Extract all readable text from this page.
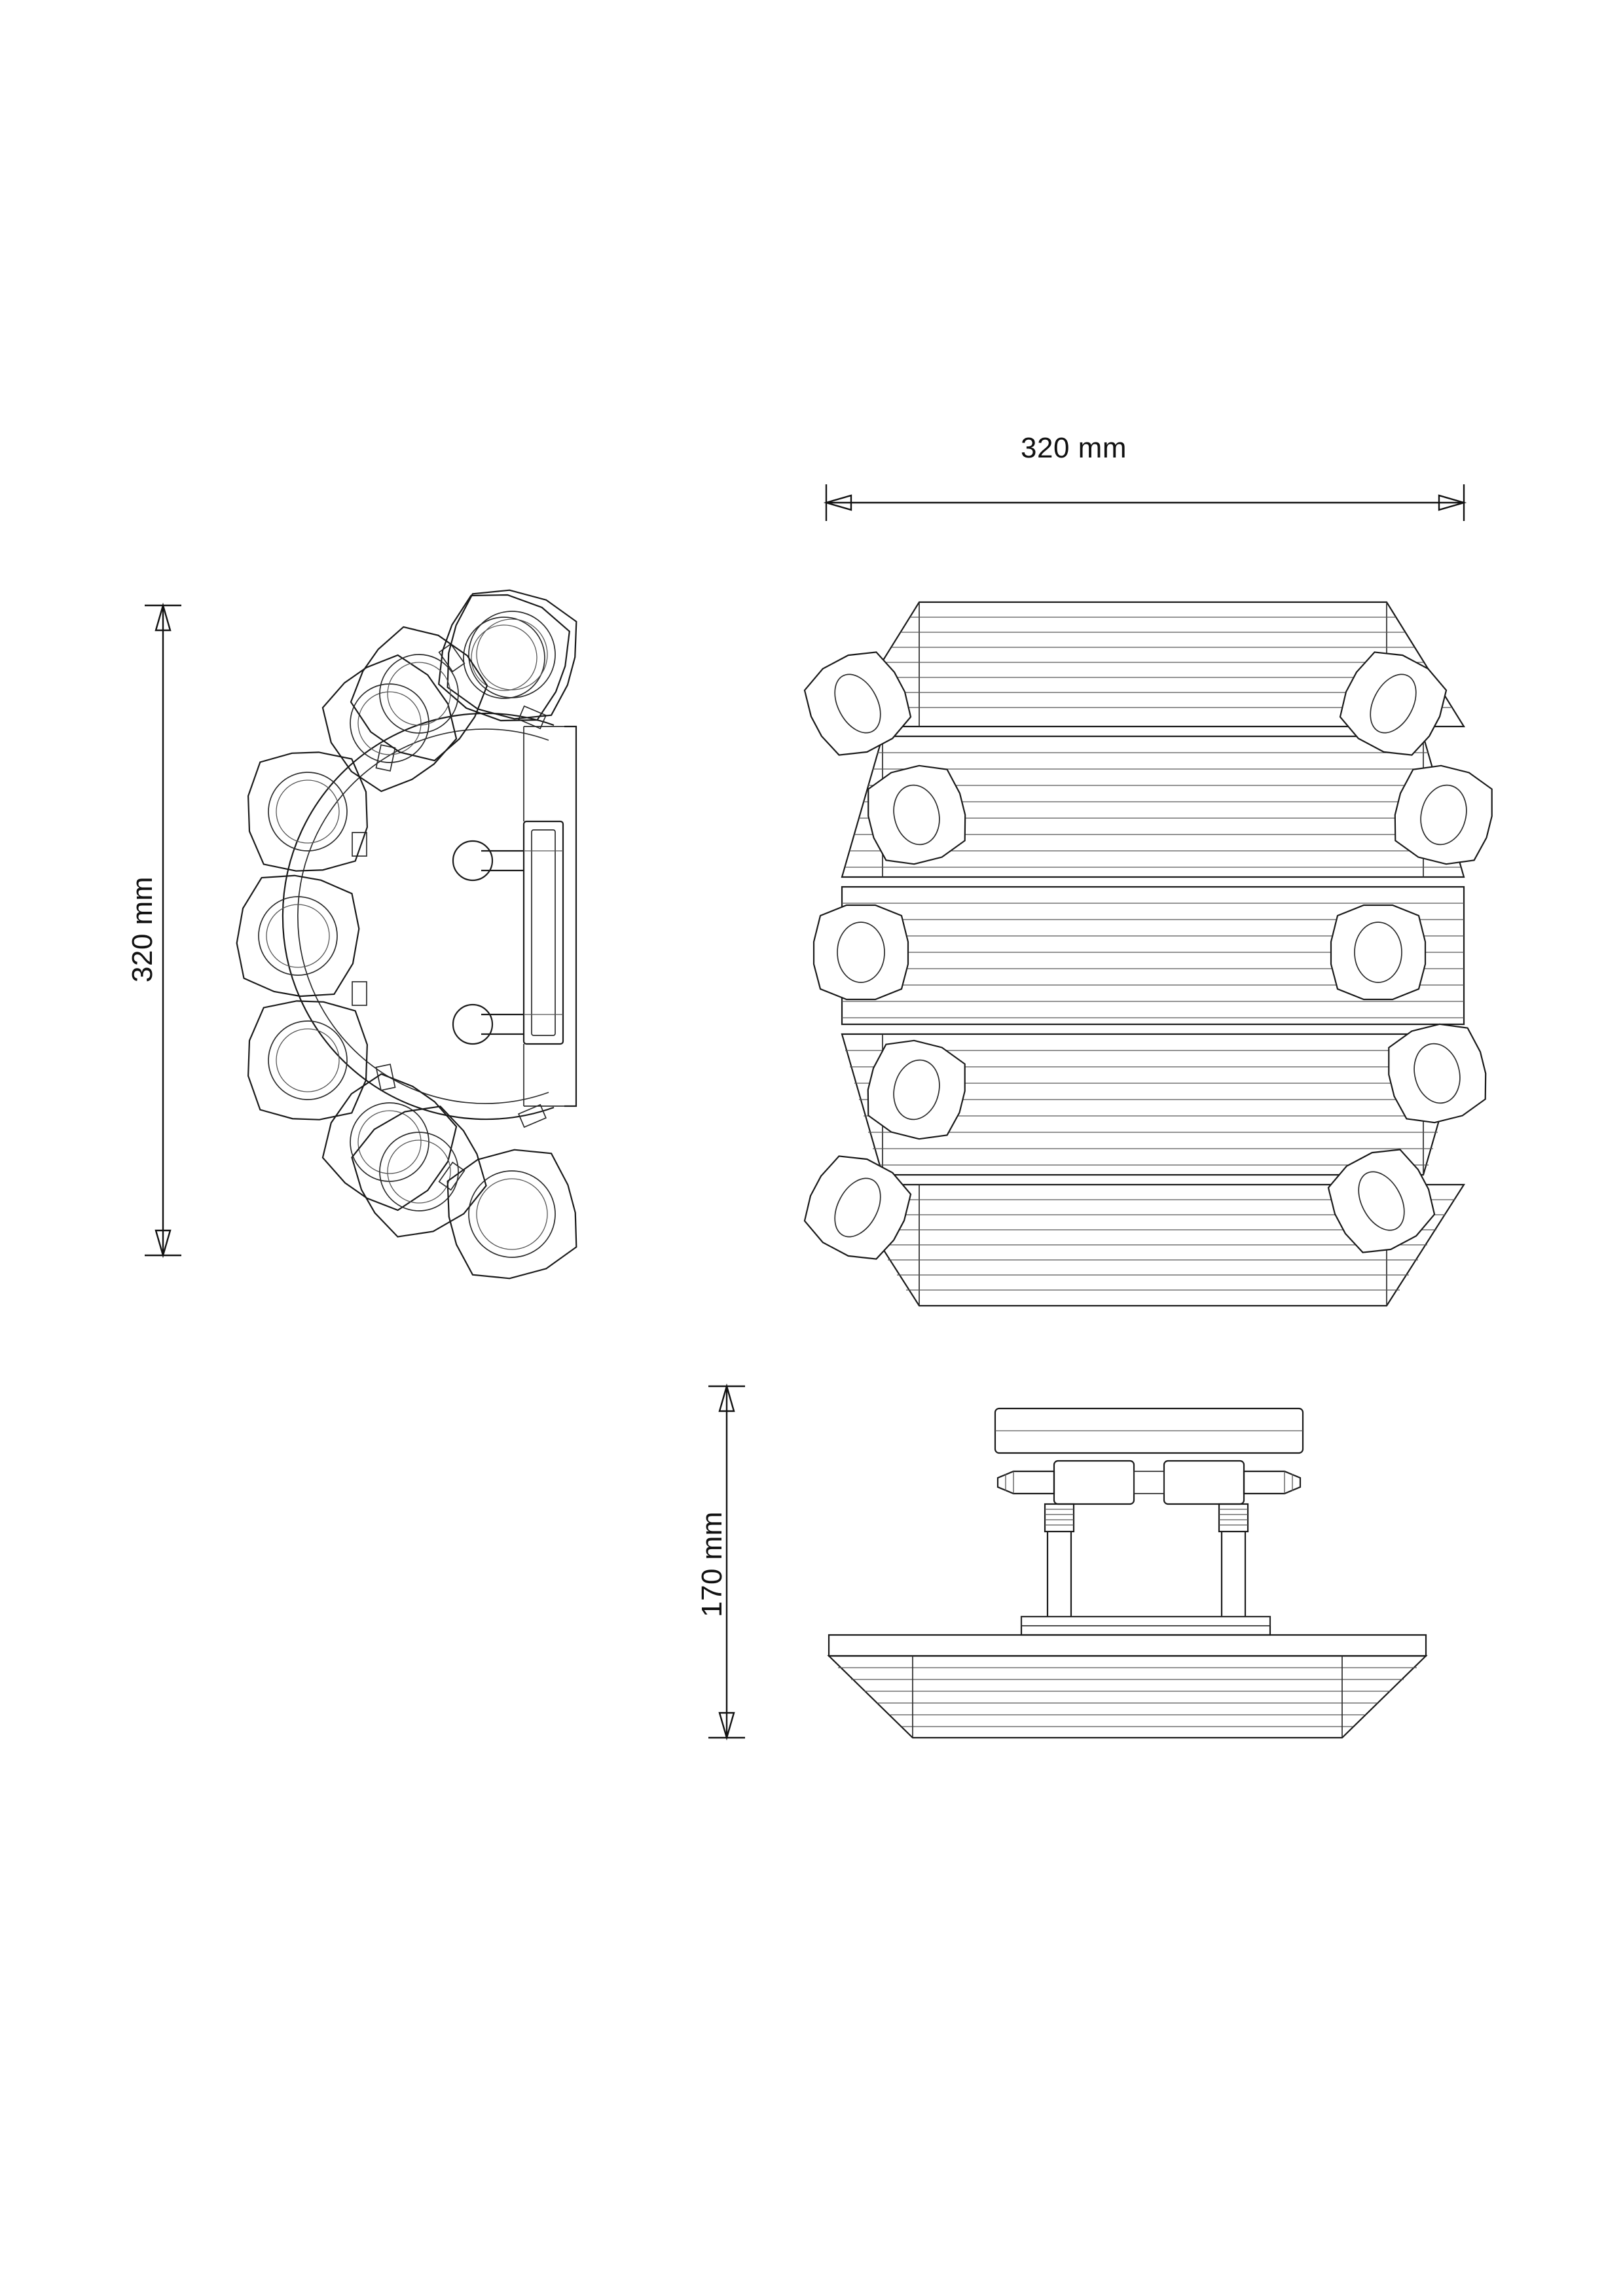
320 mm
320 mm
170 mm
